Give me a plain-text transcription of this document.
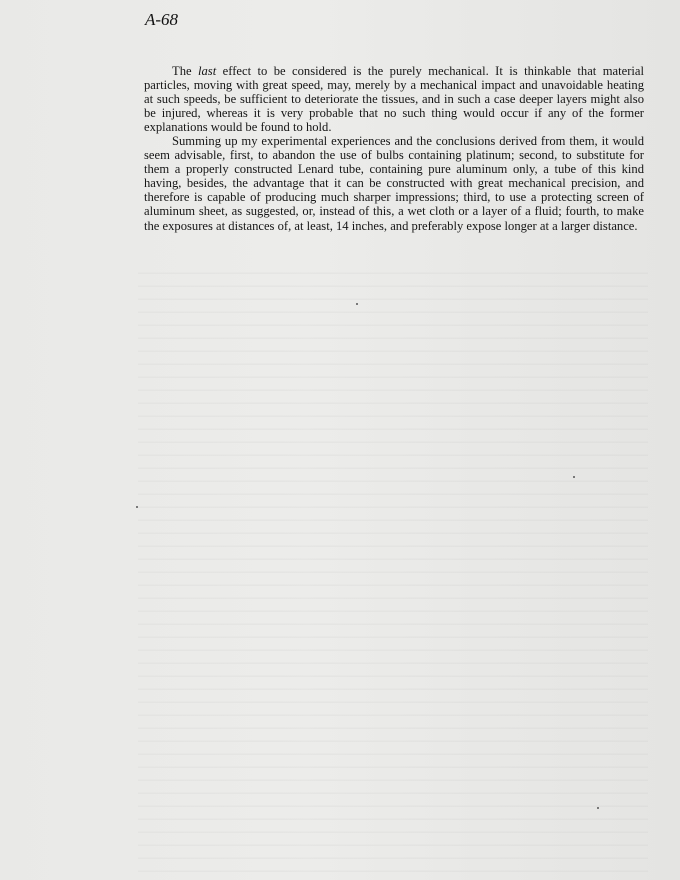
A-68

The last effect to be considered is the purely mechanical. It is thinkable that material particles, moving with great speed, may, merely by a mechanical impact and unavoidable heating at such speeds, be sufficient to deteriorate the tissues, and in such a case deeper layers might also be injured, whereas it is very probable that no such thing would occur if any of the former explanations would be found to hold.

Summing up my experimental experiences and the conclusions derived from them, it would seem advisable, first, to abandon the use of bulbs containing platinum; second, to substitute for them a properly constructed Lenard tube, containing pure aluminum only, a tube of this kind having, besides, the advantage that it can be constructed with great mechanical precision, and therefore is capable of producing much sharper impressions; third, to use a protecting screen of aluminum sheet, as suggested, or, instead of this, a wet cloth or a layer of a fluid; fourth, to make the exposures at distances of, at least, 14 inches, and preferably expose longer at a larger distance.
